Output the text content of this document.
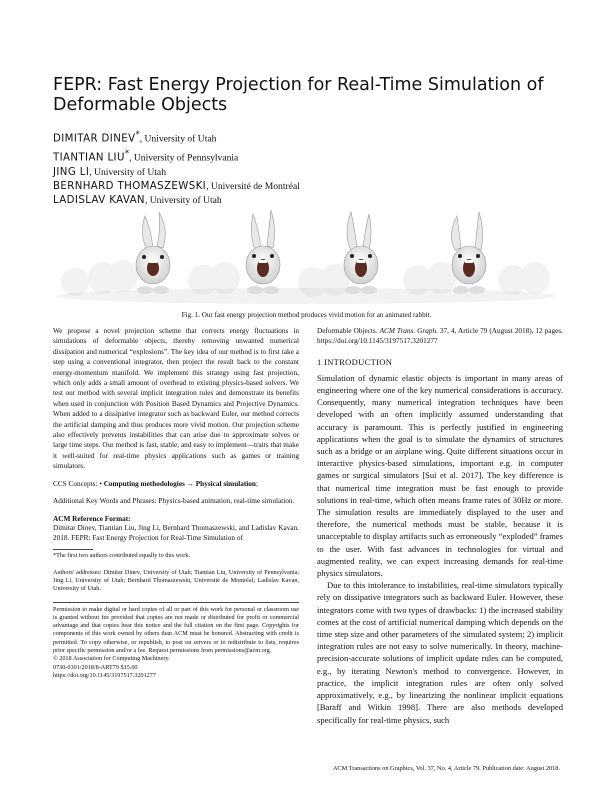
FEPR: Fast Energy Projection for Real-Time Simulation of Deformable Objects
DIMITAR DINEV*, University of Utah
TIANTIAN LIU*, University of Pennsylvania
JING LI, University of Utah
BERNHARD THOMASZEWSKI, Université de Montréal
LADISLAV KAVAN, University of Utah
Fig. 1. Our fast energy projection method produces vivid motion for an animated rabbit.

We propose a novel projection scheme that corrects energy fluctuations in simulations of deformable objects, thereby removing unwanted numerical dissipation and numerical “explosions”. The key idea of our method is to first take a step using a conventional integrator, then project the result back to the constant energy-momentum manifold. We implement this strategy using fast projection, which only adds a small amount of overhead to existing physics-based solvers. We test our method with several implicit integration rules and demonstrate its benefits when used in conjunction with Position Based Dynamics and Projective Dynamics. When added to a dissipative integrator such as backward Euler, our method corrects the artificial damping and thus produces more vivid motion. Our projection scheme also effectively prevents instabilities that can arise due to approximate solves or large time steps. Our method is fast, stable, and easy to implement—traits that make it well-suited for real-time physics applications such as games or training simulators.

CCS Concepts: • Computing methodologies → Physical simulation;

Additional Key Words and Phrases: Physics-based animation, real-time simulation.

ACM Reference Format:

Dimitar Dinev, Tiantian Liu, Jing Li, Bernhard Thomaszewski, and Ladislav Kavan. 2018. FEPR: Fast Energy Projection for Real-Time Simulation of

*The first two authors contributed equally to this work.

Authors' addresses: Dimitar Dinev, University of Utah; Tiantian Liu, University of Pennsylvania; Jing Li, University of Utah; Bernhard Thomaszewski, Université de Montréal; Ladislav Kavan, University of Utah.

Permission to make digital or hard copies of all or part of this work for personal or classroom use is granted without fee provided that copies are not made or distributed for profit or commercial advantage and that copies bear this notice and the full citation on the first page. Copyrights for components of this work owned by others than ACM must be honored. Abstracting with credit is permitted. To copy otherwise, or republish, to post on servers or to redistribute to lists, requires prior specific permission and/or a fee. Request permissions from permissions@acm.org.

© 2018 Association for Computing Machinery.

0730-0301/2018/8-ART79 $15.00

https://doi.org/10.1145/3197517.3201277

Deformable Objects. ACM Trans. Graph. 37, 4, Article 79 (August 2018), 12 pages. https://doi.org/10.1145/3197517.3201277

1 INTRODUCTION

Simulation of dynamic elastic objects is important in many areas of engineering where one of the key numerical considerations is accuracy. Consequently, many numerical integration techniques have been developed with an often implicitly assumed understanding that accuracy is paramount. This is perfectly justified in engineering applications when the goal is to simulate the dynamics of structures such as a bridge or an airplane wing. Quite different situations occur in interactive physics-based simulations, important e.g. in computer games or surgical simulators [Sui et al. 2017]. The key difference is that numerical time integration must be fast enough to provide solutions in real-time, which often means frame rates of 30Hz or more. The simulation results are immediately displayed to the user and therefore, the numerical methods must be stable, because it is unacceptable to display artifacts such as erroneously “exploded” frames to the user. With fast advances in technologies for virtual and augmented reality, we can expect increasing demands for real-time physics simulators.

Due to this intolerance to instabilities, real-time simulators typically rely on dissipative integrators such as backward Euler. However, these integrators come with two types of drawbacks: 1) the increased stability comes at the cost of artificial numerical damping which depends on the time step size and other parameters of the simulated system; 2) implicit integration rules are not easy to solve numerically. In theory, machine-precision-accurate solutions of implicit update rules can be computed, e.g., by iterating Newton's method to convergence. However, in practice, the implicit integration rules are often only solved approximatively, e.g., by linearizing the nonlinear implicit equations [Baraff and Witkin 1998]. There are also methods developed specifically for real-time physics, such

ACM Transactions on Graphics, Vol. 37, No. 4, Article 79. Publication date: August 2018.
